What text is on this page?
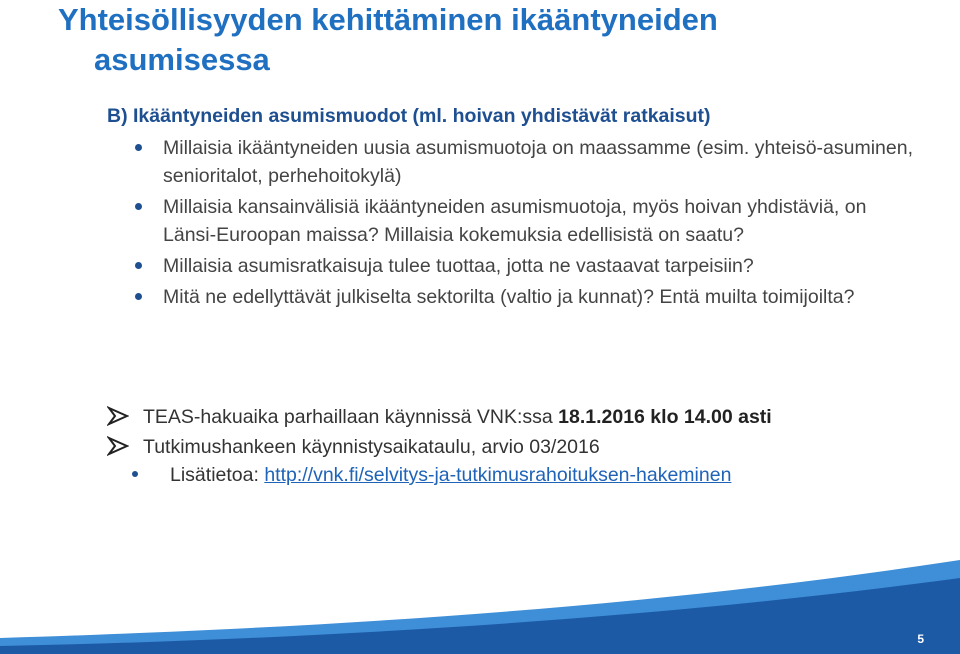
Yhteisöllisyyden kehittäminen ikääntyneiden
asumisessa
B) Ikääntyneiden asumismuodot (ml. hoivan yhdistävät ratkaisut)
Millaisia ikääntyneiden uusia asumismuotoja on maassamme (esim. yhteisö-asuminen, senioritalot, perhehoitokylä)
Millaisia kansainvälisiä ikääntyneiden asumismuotoja, myös hoivan yhdistäviä, on Länsi-Euroopan maissa? Millaisia kokemuksia edellisistä on saatu?
Millaisia asumisratkaisuja tulee tuottaa, jotta ne vastaavat tarpeisiin?
Mitä ne edellyttävät julkiselta sektorilta (valtio ja kunnat)? Entä muilta toimijoilta?
TEAS-hakuaika parhaillaan käynnissä VNK:ssa 18.1.2016 klo 14.00 asti
Tutkimushankeen käynnistysaikataulu, arvio 03/2016
Lisätietoa: http://vnk.fi/selvitys-ja-tutkimusrahoituksen-hakeminen
5
